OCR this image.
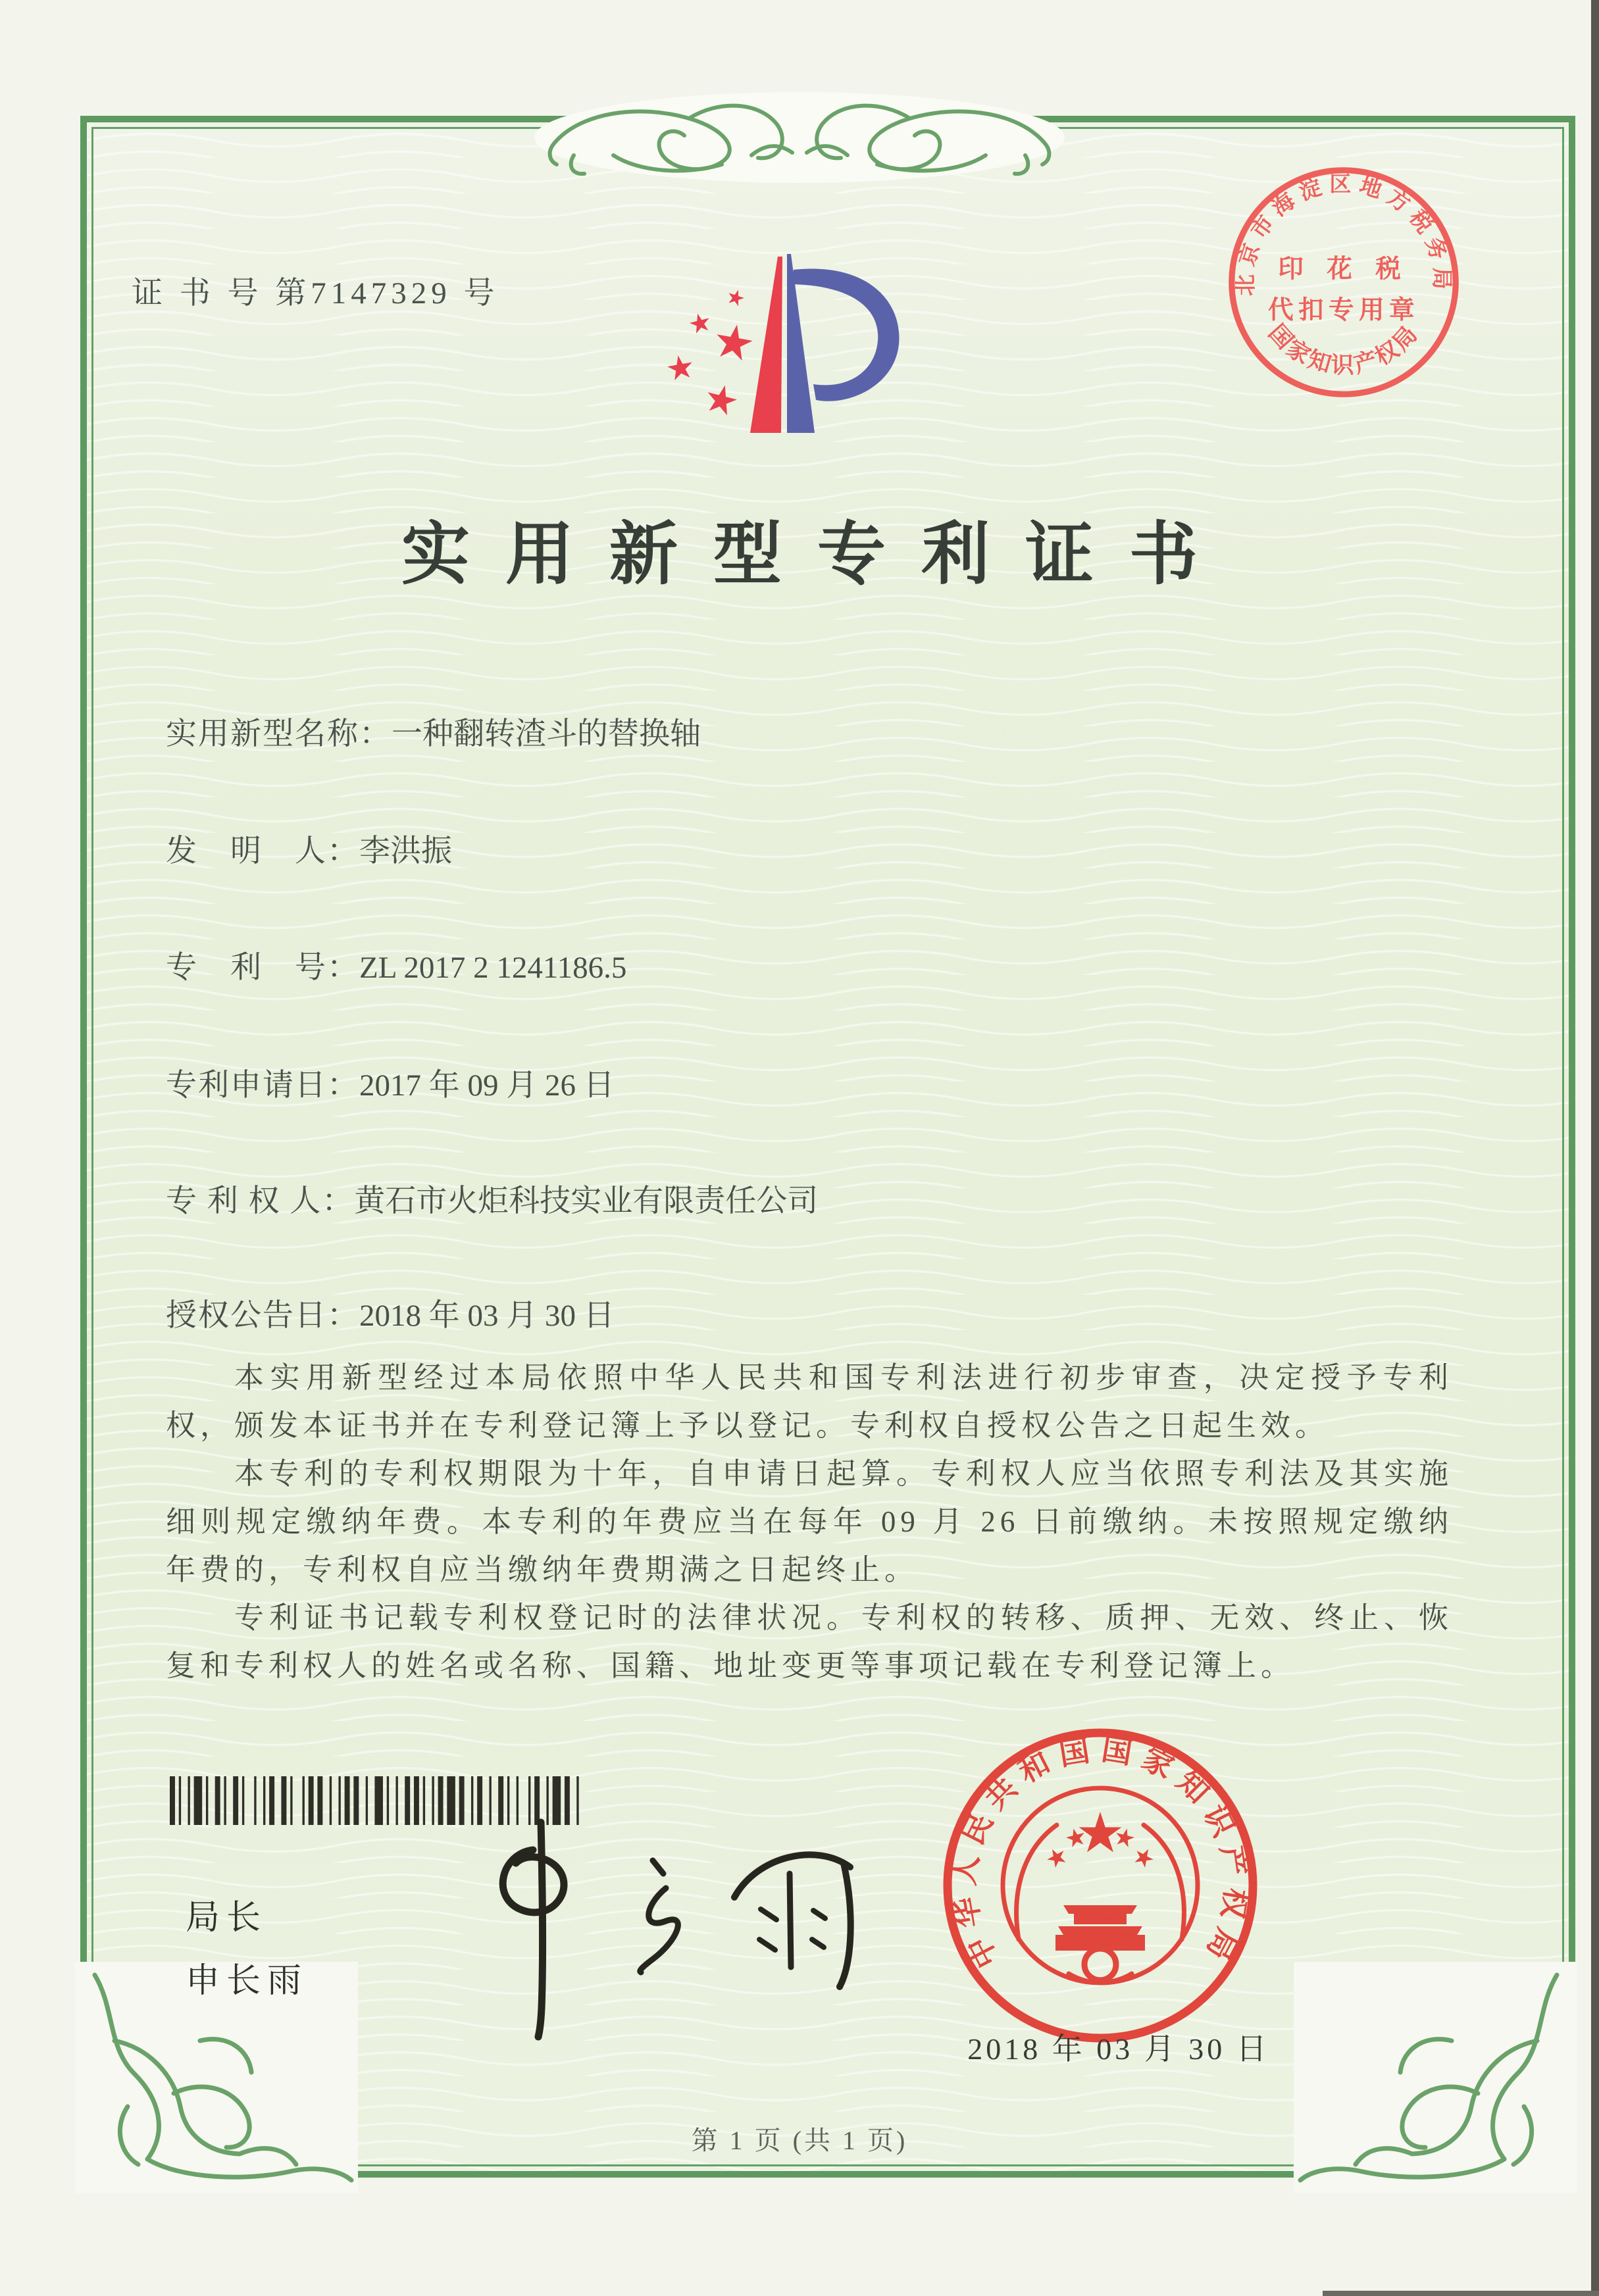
证 书 号 第7147329 号	北京市海淀区地方税务局
印 花 税
代扣专用章
国家知识产权局
实用新型专利证书
实用新型名称：一种翻转渣斗的替换轴
发　明　人：李洪振
专　利　号：ZL 2017 2 1241186.5
专利申请日：2017 年 09 月 26 日
专 利 权 人：黄石市火炬科技实业有限责任公司
授权公告日：2018 年 03 月 30 日

本实用新型经过本局依照中华人民共和国专利法进行初步审查，决定授予专利权，颁发本证书并在专利登记簿上予以登记。专利权自授权公告之日起生效。

本专利的专利权期限为十年，自申请日起算。专利权人应当依照专利法及其实施细则规定缴纳年费。本专利的年费应当在每年 09 月 26 日前缴纳。未按照规定缴纳年费的，专利权自应当缴纳年费期满之日起终止。

专利证书记载专利权登记时的法律状况。专利权的转移、质押、无效、终止、恢复和专利权人的姓名或名称、国籍、地址变更等事项记载在专利登记簿上。

局长
申长雨
中华人民共和国国家知识产权局
2018 年 03 月 30 日
第 1 页 (共 1 页)
